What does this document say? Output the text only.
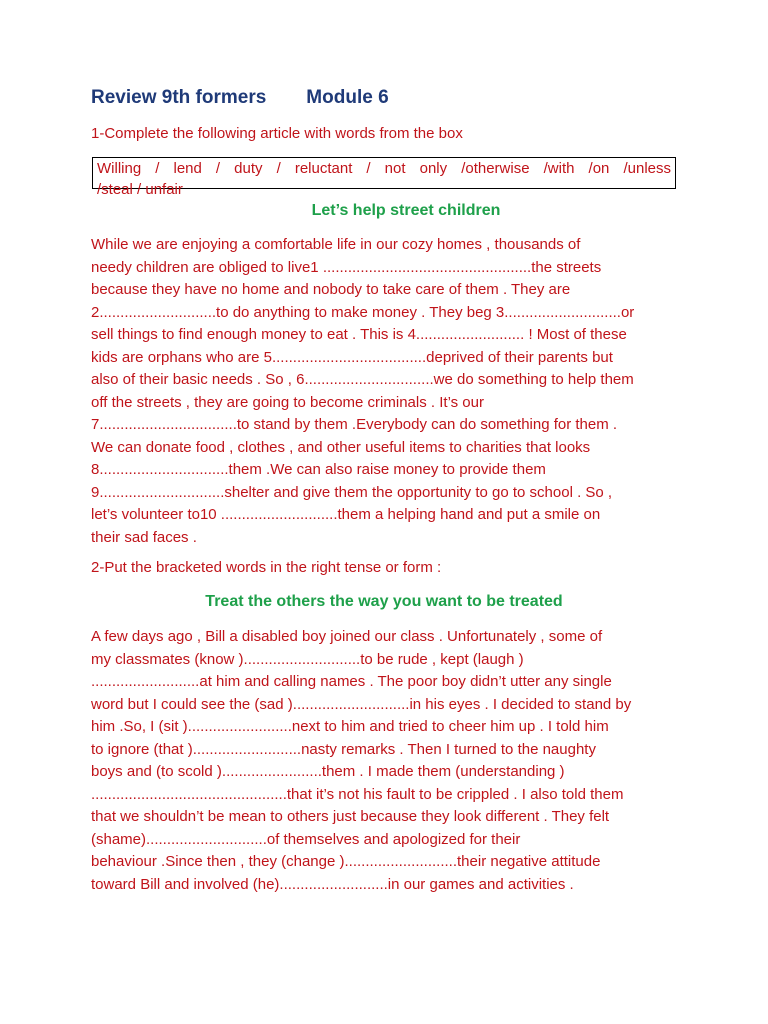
Review 9th formers Module 6
1-Complete the following article with words from the box
Willing / lend / duty / reluctant / not only /otherwise /with /on /unless
/steal / unfair
Let’s help street children
While we are enjoying a comfortable life in our cozy homes , thousands of
needy children are obliged to live1 ..................................................the streets
because they have no home and nobody to take care of them . They are
2............................to do anything to make money . They beg 3............................or
sell things to find enough money to eat . This is 4.......................... ! Most of these
kids are orphans who are 5.....................................deprived of their parents but
also of their basic needs . So , 6...............................we do something to help them
off the streets , they are going to become criminals . It’s our
7.................................to stand by them .Everybody can do something for them .
We can donate food , clothes , and other useful items to charities that looks
8...............................them .We can also raise money to provide them
9..............................shelter and give them the opportunity to go to school . So ,
let’s volunteer to10 ............................them a helping hand and put a smile on
their sad faces .
2-Put the bracketed words in the right tense or form :
Treat the others the way you want to be treated
A few days ago , Bill a disabled boy joined our class . Unfortunately , some of
my classmates (know )............................to be rude , kept (laugh )
..........................at him and calling names . The poor boy didn’t utter any single
word but I could see the (sad )............................in his eyes . I decided to stand by
him .So, I (sit ).........................next to him and tried to cheer him up . I told him
to ignore (that )..........................nasty remarks . Then I turned to the naughty
boys and (to scold )........................them . I made them (understanding )
...............................................that it’s not his fault to be crippled . I also told them
that we shouldn’t be mean to others just because they look different . They felt
(shame).............................of themselves and apologized for their
behaviour .Since then , they (change )...........................their negative attitude
toward Bill and involved (he)..........................in our games and activities .
